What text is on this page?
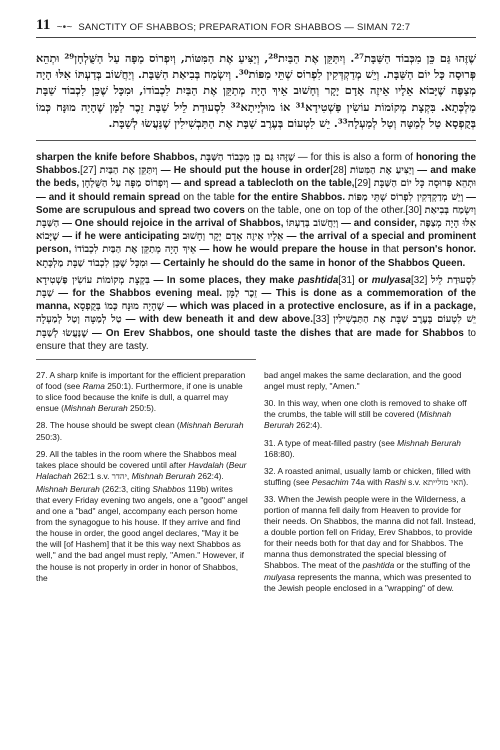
11 ~•~ SANCTITY OF SHABBOS; PREPARATION FOR SHABBOS — SIMAN 72:7

שֶׁזֶּהוּ גַּם כֵּן מִכְּבוֹד הַשַּׁבָּת²⁷. וְיִתַּקֵּן אֶת הַבַּיִת²⁸, וְיַצִּיעַ אֶת הַמִּטּוֹת, וְיִפְרוֹס מַפָּה עַל הַשֻּׁלְחָן²⁹ וּתְהֵא פְּרוּסָה כָּל יוֹם הַשַּׁבָּת. וְיֵשׁ מְדַקְדְּקִין לִפְרוֹס שְׁתֵּי מַפּוֹת³⁰. וְיִשְׂמַח בְּבִיאַת הַשַּׁבָּת. וְיַחֲשׁוֹב בְּדַעְתּוֹ אִלּוּ הָיָה מְצַפֶּה שֶׁיָּבוֹא אֵלָיו אֵיזֶה אָדָם יָקָר וְחָשׁוּב אֵיךְ הָיָה מְתַקֵּן אֶת הַבַּיִת לִכְבוֹדוֹ, וּמִכָּל שֶׁכֵּן לִכְבוֹד שַׁבָּת מַלְכְּתָא. בִּקְצָת מְקוֹמוֹת עוֹשִׂין פַּשְׁטִידָא³¹ אוֹ מוּלְיָיתָא³² לִסְעוּדַת לֵיל שַׁבָּת זֵכֶר לַמָּן שֶׁהָיָה מוּנָּח כְּמוֹ בְּקֻפְסָא טַל לְמַטָּה וְטַל לְמַעְלָה³³. יֵשׁ לִטְעוֹם בְּעֶרֶב שַׁבָּת אֶת הַתַּבְשִׁילִין שֶׁנַּעֲשׂוּ לְשַׁבָּת.

sharpen the knife before Shabbos, שֶׁזֶּהוּ גַּם כֵּן מִכְּבוֹד הַשַּׁבָּת — for this is also a form of honoring the Shabbos.[27] וְיִתַּקֵּן אֶת הַבַּיִת — He should put the house in order[28] וְיַצִּיעַ אֶת הַמִּטּוֹת — and make the beds, וְיִפְרוֹס מַפָּה עַל הַשֻּׁלְחָן — and spread a tablecloth on the table,[29] וּתְהֵא פְּרוּסָה כָּל יוֹם הַשַּׁבָּת — and it should remain spread on the table for the entire Shabbos. וְיֵשׁ מְדַקְדְּקִין לִפְרוֹס שְׁתֵּי מַפּוֹת — Some are scrupulous and spread two covers on the table, one on top of the other.[30] וְיִשְׂמַח בְּבִיאַת הַשַּׁבָּת — One should rejoice in the arrival of Shabbos, וְיַחֲשׁוֹב בְּדַעְתּוֹ — and consider, אִלּוּ הָיָה מְצַפֶּה שֶׁיָּבוֹא — if he were anticipating אֵלָיו אֵיזֶה אָדָם יָקָר וְחָשׁוּב — the arrival of a special and prominent person, אֵיךְ הָיָה מְתַקֵּן אֶת הַבַּיִת לִכְבוֹדוֹ — how he would prepare the house in that person's honor. וּמִכָּל שֶׁכֵּן לִכְבוֹד שַׁבָּת מַלְכְּתָא — Certainly he should do the same in honor of the Shabbos Queen.

בִּקְצָת מְקוֹמוֹת עוֹשִׂין פַּשְׁטִידָא — In some places, they make pashtida[31] or mulyasa[32] לִסְעוּדַת לֵיל שַׁבָּת — for the Shabbos evening meal. זֵכֶר לַמָּן — This is done as a commemoration of the manna, שֶׁהָיָה מוּנָּח כְּמוֹ בְּקֻפְסָא — which was placed in a protective enclosure, as if in a package, טַל לְמַטָּה וְטַל לְמַעְלָה — with dew beneath it and dew above.[33] יֵשׁ לִטְעוֹם בְּעֶרֶב שַׁבָּת אֶת הַתַּבְשִׁילִין שֶׁנַּעֲשׂוּ לְשַׁבָּת — On Erev Shabbos, one should taste the dishes that are made for Shabbos to ensure that they are tasty.

27. A sharp knife is important for the efficient preparation of food (see Rama 250:1). Furthermore, if one is unable to slice food because the knife is dull, a quarrel may ensue (Mishnah Berurah 250:5).

28. The house should be swept clean (Mishnah Berurah 250:3).

29. All the tables in the room where the Shabbos meal takes place should be covered until after Havdalah (Beur Halachah 262:1 s.v. יהדר, Mishnah Berurah 262:4).

Mishnah Berurah (262:3, citing Shabbos 119b) writes that every Friday evening two angels, one a "good" angel and one a "bad" angel, accompany each person home from the synagogue to his house. If they arrive and find the house in order, the good angel declares, "May it be the will [of Hashem] that it be this way next Shabbos as well," and the bad angel must reply, "Amen." However, if the house is not properly in order in honor of Shabbos, the

bad angel makes the same declaration, and the good angel must reply, "Amen."

30. In this way, when one cloth is removed to shake off the crumbs, the table will still be covered (Mishnah Berurah 262:4).

31. A type of meat-filled pastry (see Mishnah Berurah 168:80).

32. A roasted animal, usually lamb or chicken, filled with stuffing (see Pesachim 74a with Rashi s.v. האי מולייתא).

33. When the Jewish people were in the Wilderness, a portion of manna fell daily from Heaven to provide for their needs. On Shabbos, the manna did not fall. Instead, a double portion fell on Friday, Erev Shabbos, to provide for their needs both for that day and for Shabbos. The manna thus demonstrated the special blessing of Shabbos. The meat of the pashtida or the stuffing of the mulyasa represents the manna, which was presented to the Jewish people enclosed in a "wrapping" of dew.
